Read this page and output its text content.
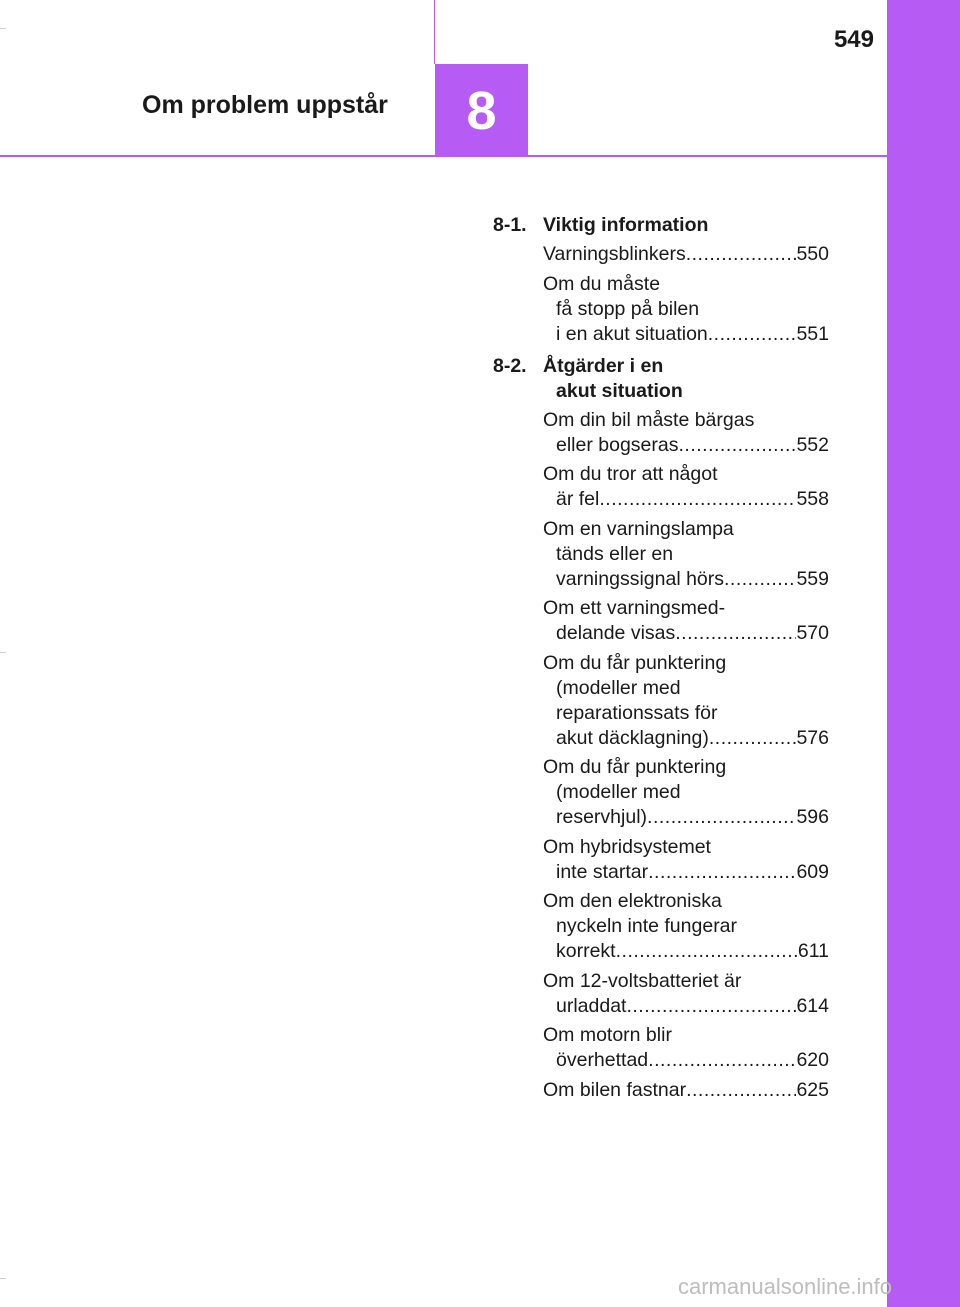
8
Om problem uppstår
549
8-1. Viktig information
Varningsblinkers .....	550
Om du måste
få stopp på bilen
i en akut situation .....	551
8-2. Åtgärder i en
akut situation
Om din bil måste bärgas
eller bogseras .....	552
Om du tror att något
är fel .....	558
Om en varningslampa
tänds eller en
varningssignal hörs .....	559
Om ett varningsmed-
delande visas .....	570
Om du får punktering
(modeller med
reparationssats för
akut däcklagning) .....	576
Om du får punktering
(modeller med
reservhjul) .....	596
Om hybridsystemet
inte startar .....	609
Om den elektroniska
nyckeln inte fungerar
korrekt .....	611
Om 12-voltsbatteriet är
urladdat .....	614
Om motorn blir
överhettad .....	620
Om bilen fastnar .....	625
carmanualsonline.info
